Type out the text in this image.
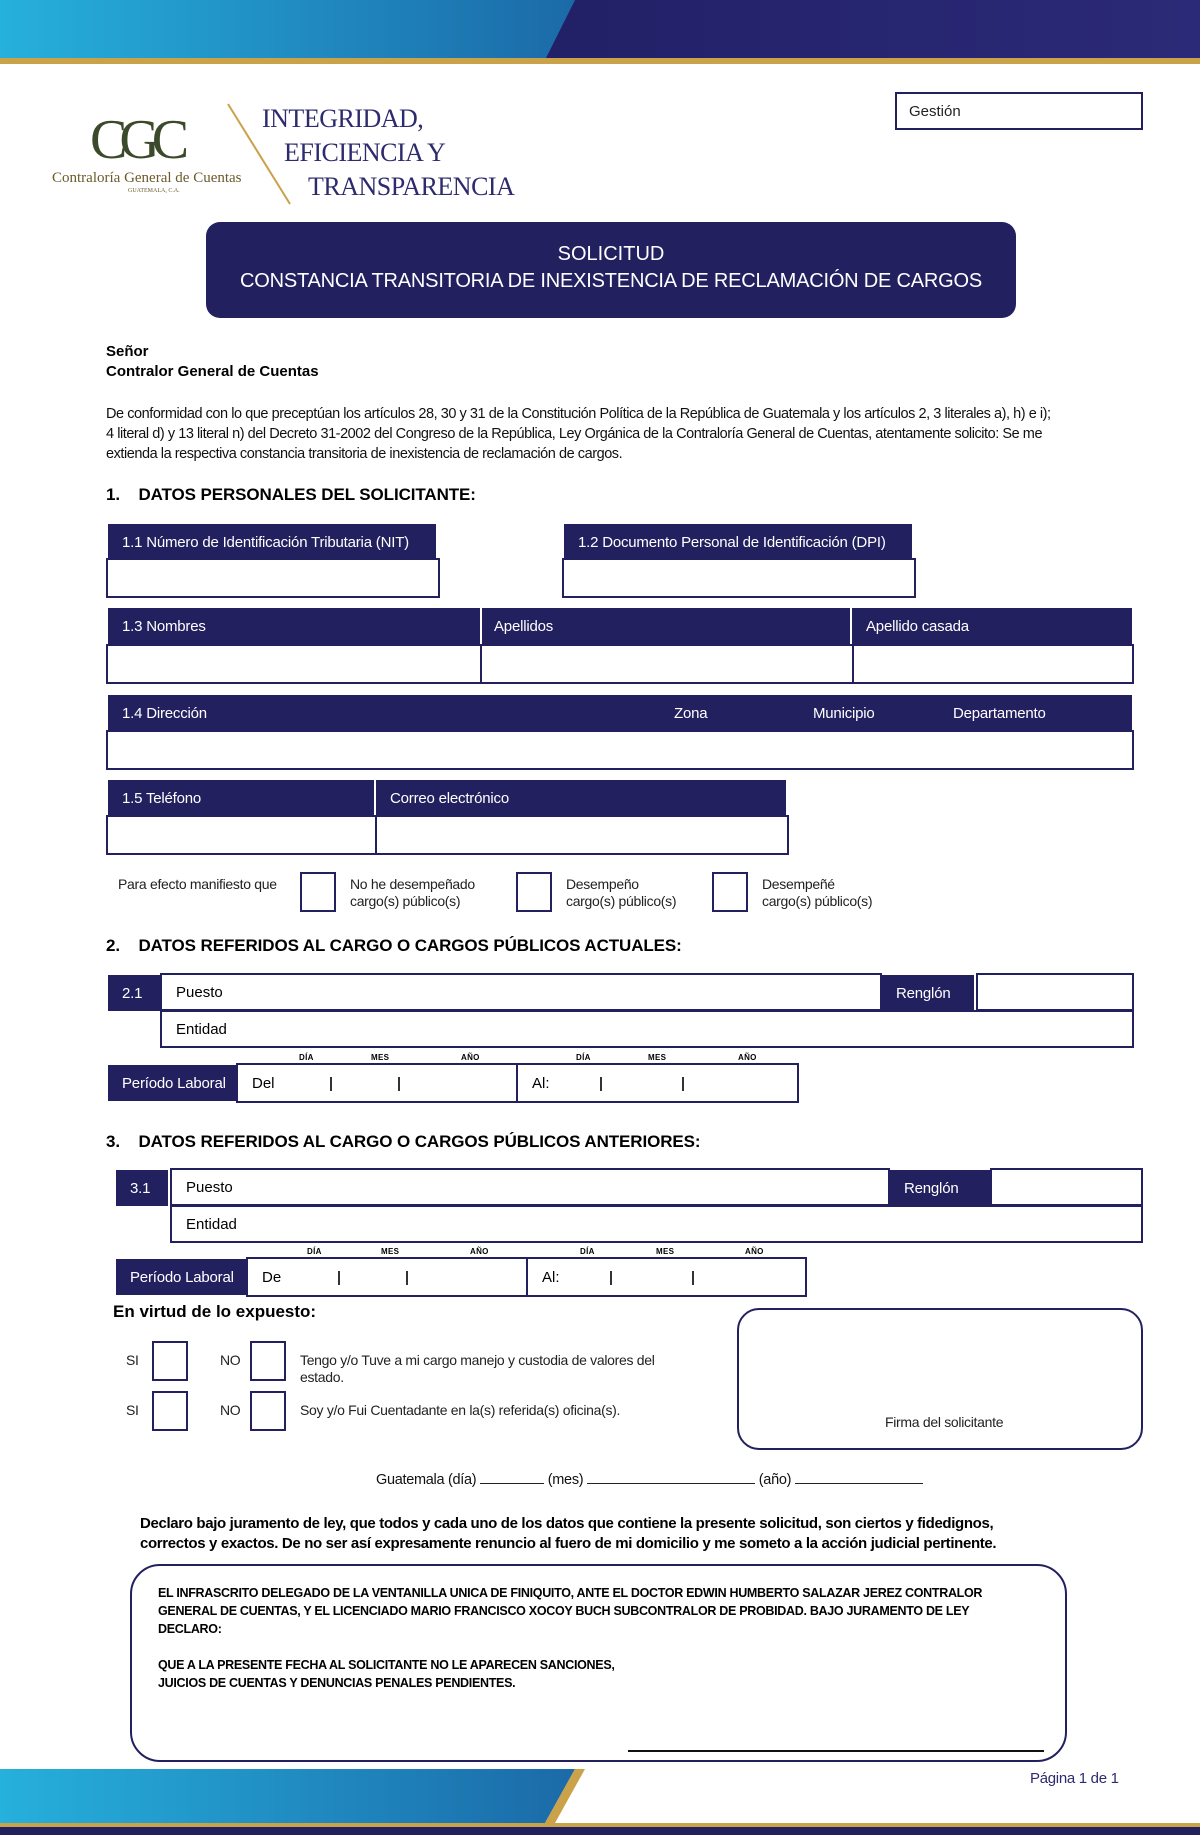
CGC
Contraloría General de Cuentas
GUATEMALA, C.A.
INTEGRIDAD,
EFICIENCIA Y
TRANSPARENCIA
Gestión
SOLICITUD
CONSTANCIA TRANSITORIA DE INEXISTENCIA DE RECLAMACIÓN DE CARGOS
Señor
Contralor General de Cuentas
De conformidad con lo que preceptúan los artículos 28, 30 y 31 de la Constitución Política de la República de Guatemala y los artículos 2, 3 literales a), h) e i);
4 literal d) y 13 literal n) del Decreto 31-2002 del Congreso de la República, Ley Orgánica de la Contraloría General de Cuentas, atentamente solicito: Se me
extienda la respectiva constancia transitoria de inexistencia de reclamación de cargos.
1.    DATOS PERSONALES DEL SOLICITANTE:
1.1 Número de Identificación Tributaria (NIT)	1.2 Documento Personal de Identificación (DPI)
1.3 Nombres	Apellidos	Apellido casada
1.4 Dirección	Zona	Municipio	Departamento
1.5 Teléfono	Correo electrónico
Para efecto manifiesto que	No he desempeñado
cargo(s) público(s)
Desempeño
cargo(s) público(s)
Desempeñé
cargo(s) público(s)
2.    DATOS REFERIDOS AL CARGO O CARGOS PÚBLICOS ACTUALES:
2.1	Puesto	Renglón
Entidad
DÍA	MES	AÑO	DÍA	MES	AÑO
Período Laboral	Del	Al:
3.    DATOS REFERIDOS AL CARGO O CARGOS PÚBLICOS ANTERIORES:
3.1	Puesto	Renglón
Entidad
DÍA	MES	AÑO	DÍA	MES	AÑO
Período Laboral	De	Al:
En virtud de lo expuesto:
SI	NO	Tengo y/o Tuve a mi cargo manejo y custodia de valores del
estado.
SI	NO	Soy y/o Fui Cuentadante en la(s) referida(s) oficina(s).
Firma del solicitante
Guatemala (día)	(mes)	(año)
Declaro bajo juramento de ley, que todos y cada uno de los datos que contiene la presente solicitud, son ciertos y fidedignos,
correctos y exactos. De no ser así expresamente renuncio al fuero de mi domicilio y me someto a la acción judicial pertinente.
EL INFRASCRITO DELEGADO DE LA VENTANILLA UNICA DE FINIQUITO, ANTE EL DOCTOR EDWIN HUMBERTO SALAZAR JEREZ CONTRALOR
GENERAL DE CUENTAS, Y EL LICENCIADO MARIO FRANCISCO XOCOY BUCH SUBCONTRALOR DE PROBIDAD. BAJO JURAMENTO DE LEY
DECLARO:
QUE A LA PRESENTE FECHA AL SOLICITANTE NO LE APARECEN SANCIONES,
JUICIOS DE CUENTAS Y DENUNCIAS PENALES PENDIENTES.
Página 1 de 1
